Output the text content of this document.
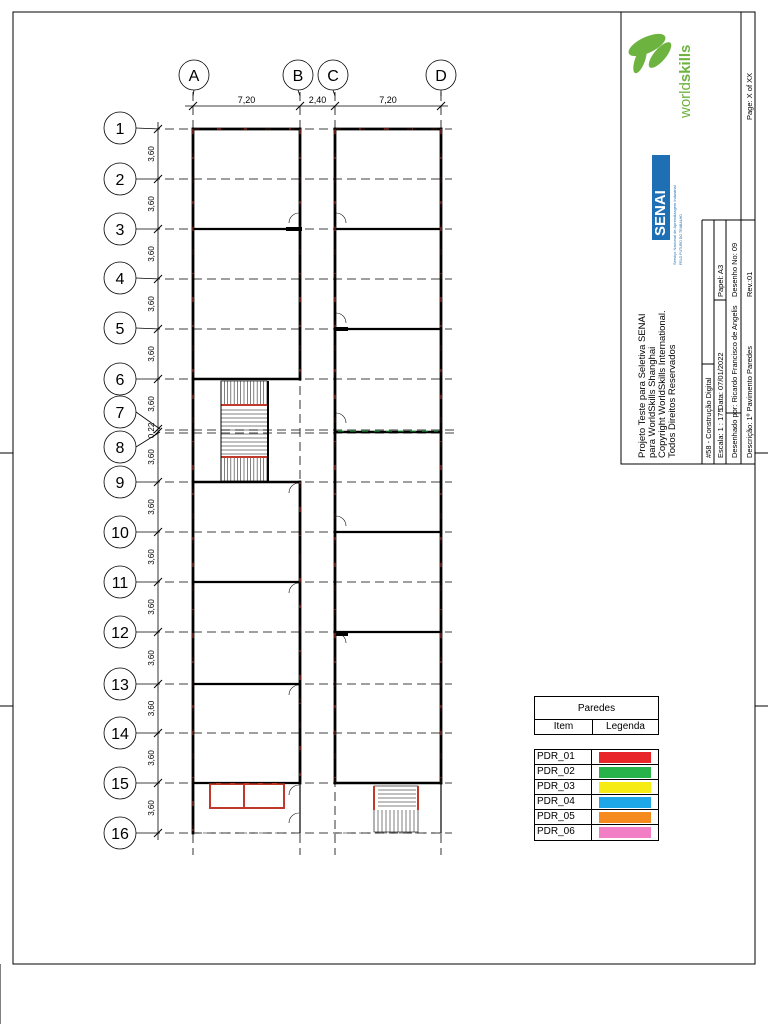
A	B C	D
1
2
3
4
5
6
7
8
9
10
11
12
13
14
15
16
7,20	2,40	7,20
3,60
3,60
3,60
3,60
3,60
3,60
0,22
3,60
3,60
3,60
3,60
3,60
3,60
3,60
3,60
worldskills
SENAI Serviço Nacional de Aprendizagem Industrial PELO FUTURO DO TRABALHO
Projeto Teste para Seletiva SENAI para WorldSkills Shanghai Copyright WorldSkills International. Todos Direitos Reservados	#58 - Construção Digital Escala: 1 : 175
Data: 07/01/2022
Papel: A3
Desenhado por: Ricardo Francisco de Angelis
Desenho No: 09
Descrição: 1º Pavimento Paredes
Rev.:01
Page: X of XX
Paredes
Item	Legenda
PDR_01
PDR_02
PDR_03
PDR_04
PDR_05
PDR_06
